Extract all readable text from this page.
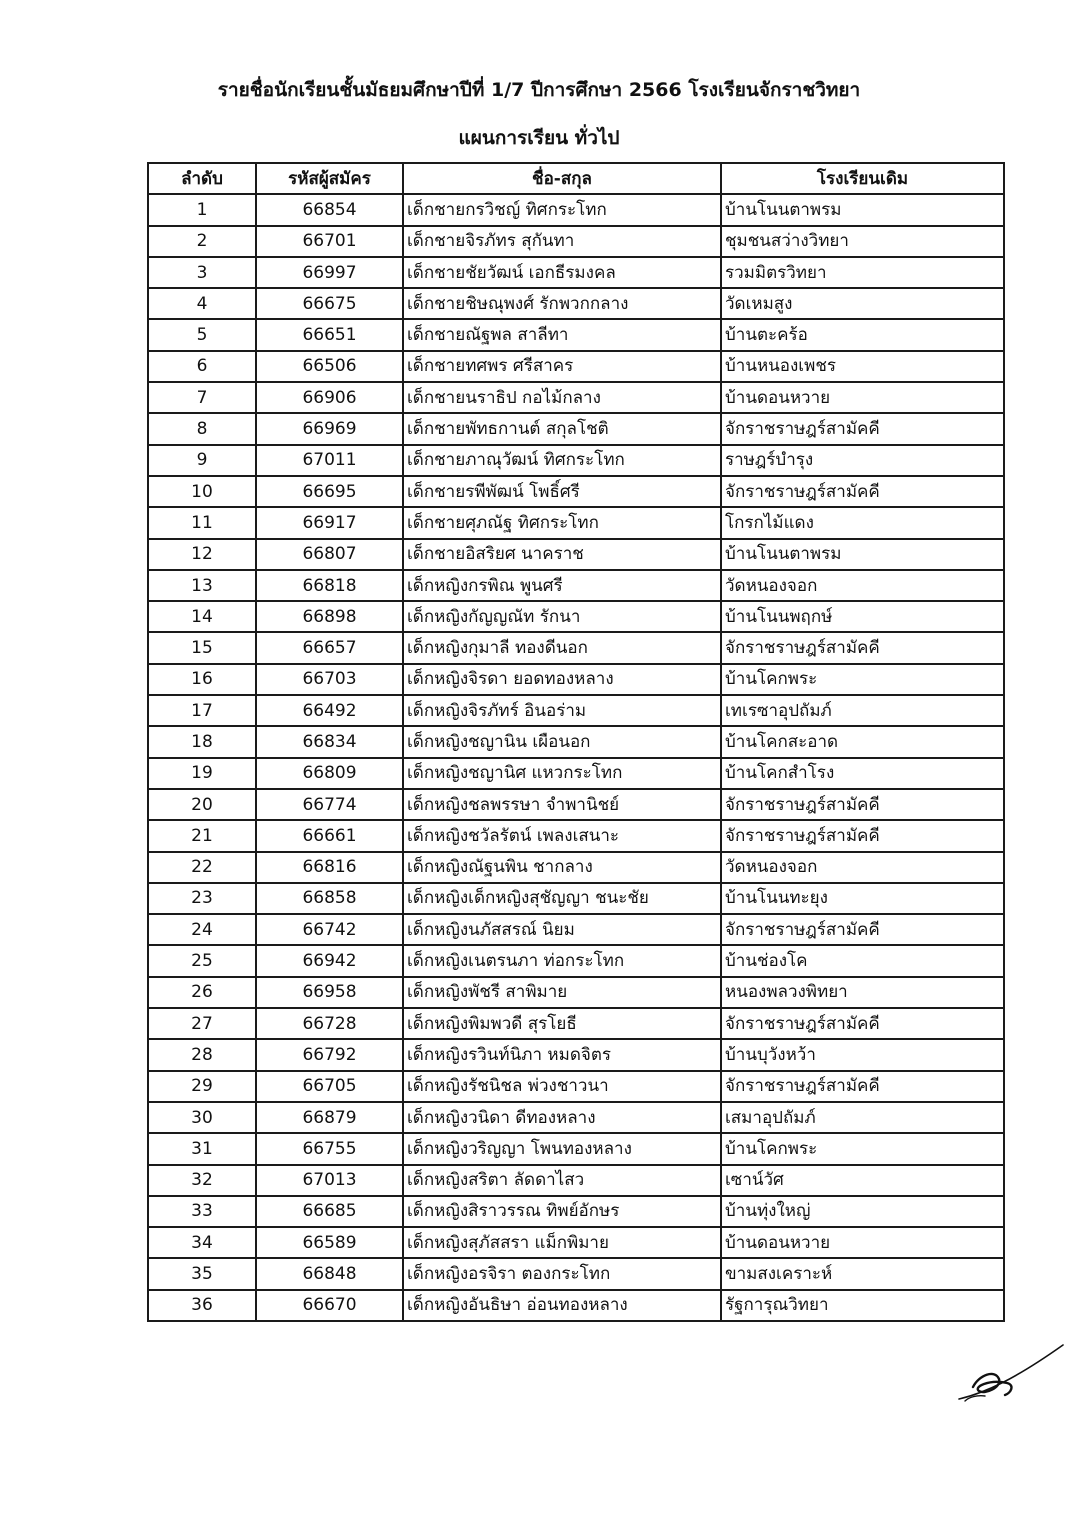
รายชื่อนักเรียนชั้นมัธยมศึกษาปีที่ 1/7 ปีการศึกษา 2566 โรงเรียนจักราชวิทยา
แผนการเรียน ทั่วไป
ลำดับ	รหัสผู้สมัคร	ชื่อ-สกุล	โรงเรียนเดิม
1	66854	เด็กชายกรวิชญ์ ทิศกระโทก	บ้านโนนตาพรม
2	66701	เด็กชายจิรภัทร สุกันทา	ชุมชนสว่างวิทยา
3	66997	เด็กชายชัยวัฒน์ เอกธีรมงคล	รวมมิตรวิทยา
4	66675	เด็กชายชิษณุพงศ์ รักพวกกลาง	วัดเหมสูง
5	66651	เด็กชายณัฐพล สาลีทา	บ้านตะคร้อ
6	66506	เด็กชายทศพร ศรีสาคร	บ้านหนองเพชร
7	66906	เด็กชายนราธิป กอไม้กลาง	บ้านดอนหวาย
8	66969	เด็กชายพัทธกานต์ สกุลโชติ	จักราชราษฎร์สามัคคี
9	67011	เด็กชายภาณุวัฒน์ ทิศกระโทก	ราษฎร์บำรุง
10	66695	เด็กชายรพีพัฒน์ โพธิ์ศรี	จักราชราษฎร์สามัคคี
11	66917	เด็กชายศุภณัฐ ทิศกระโทก	โกรกไม้แดง
12	66807	เด็กชายอิสริยศ นาคราช	บ้านโนนตาพรม
13	66818	เด็กหญิงกรพิณ พูนศรี	วัดหนองจอก
14	66898	เด็กหญิงกัญญณัท รักนา	บ้านโนนพฤกษ์
15	66657	เด็กหญิงกุมาลี ทองดีนอก	จักราชราษฎร์สามัคคี
16	66703	เด็กหญิงจิรดา ยอดทองหลาง	บ้านโคกพระ
17	66492	เด็กหญิงจิรภัทร์ อินอร่าม	เทเรซาอุปถัมภ์
18	66834	เด็กหญิงชญานิน เผือนอก	บ้านโคกสะอาด
19	66809	เด็กหญิงชญานิศ แหวกระโทก	บ้านโคกสำโรง
20	66774	เด็กหญิงชลพรรษา จำพานิชย์	จักราชราษฎร์สามัคคี
21	66661	เด็กหญิงชวัลรัตน์ เพลงเสนาะ	จักราชราษฎร์สามัคคี
22	66816	เด็กหญิงณัฐนพิน ชากลาง	วัดหนองจอก
23	66858	เด็กหญิงเด็กหญิงสุชัญญา ชนะชัย	บ้านโนนทะยุง
24	66742	เด็กหญิงนภัสสรณ์ นิยม	จักราชราษฎร์สามัคคี
25	66942	เด็กหญิงเนตรนภา ท่อกระโทก	บ้านช่องโค
26	66958	เด็กหญิงพัชรี สาพิมาย	หนองพลวงพิทยา
27	66728	เด็กหญิงพิมพวดี สุรโยธี	จักราชราษฎร์สามัคคี
28	66792	เด็กหญิงรวินท์นิภา หมดจิตร	บ้านบุวังหว้า
29	66705	เด็กหญิงรัชนิชล พ่วงชาวนา	จักราชราษฎร์สามัคคี
30	66879	เด็กหญิงวนิดา ดีทองหลาง	เสมาอุปถัมภ์
31	66755	เด็กหญิงวริญญา โพนทองหลาง	บ้านโคกพระ
32	67013	เด็กหญิงสริตา ลัดดาไสว	เซาน์วัศ
33	66685	เด็กหญิงสิราวรรณ ทิพย์อักษร	บ้านทุ่งใหญ่
34	66589	เด็กหญิงสุภัสสรา แม็กพิมาย	บ้านดอนหวาย
35	66848	เด็กหญิงอรจิรา ตองกระโทก	ขามสงเคราะห์
36	66670	เด็กหญิงอันธิษา อ่อนทองหลาง	รัฐการุณวิทยา
